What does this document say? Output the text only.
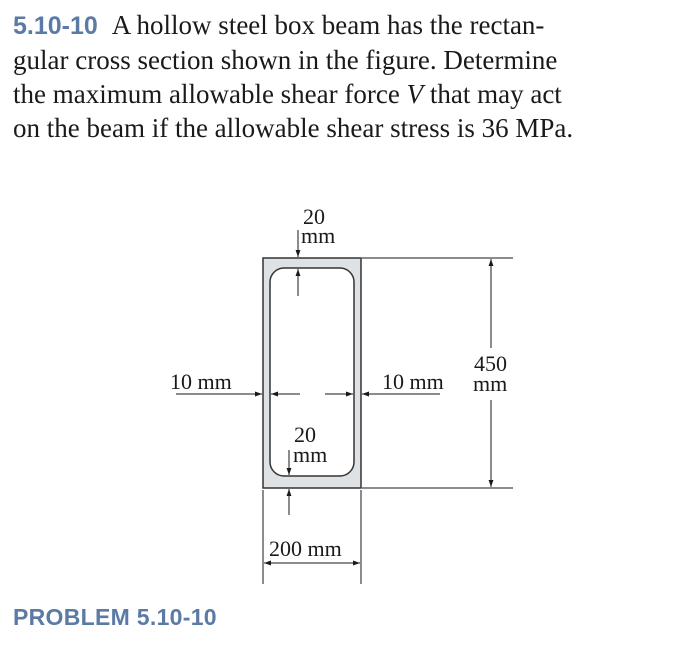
5.10-10 A hollow steel box beam has the rectan-
gular cross section shown in the figure. Determine
the maximum allowable shear force V that may act
on the beam if the allowable shear stress is 36 MPa.
20
mm
20
mm
10 mm	10 mm
450
mm
200 mm
PROBLEM 5.10-10
